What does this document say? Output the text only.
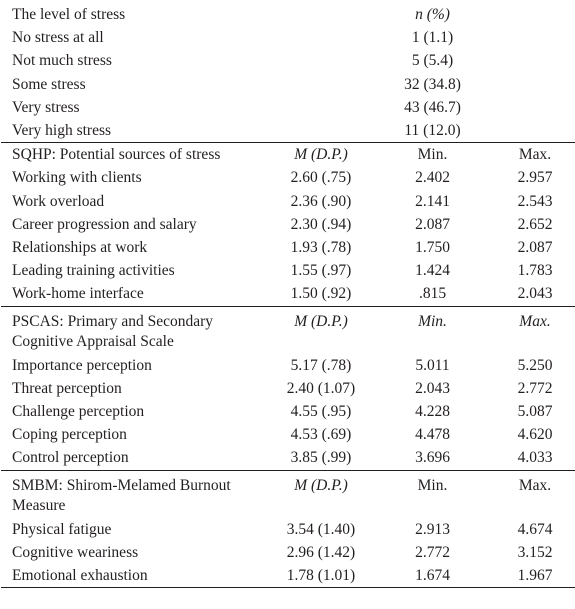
The level of stress		n (%)	
No stress at all		1 (1.1)	
Not much stress		5 (5.4)	
Some stress		32 (34.8)	
Very stress		43 (46.7)	
Very high stress		11 (12.0)	
SQHP: Potential sources of stress	M (D.P.)	Min.	Max.
Working with clients	2.60 (.75)	2.402	2.957
Work overload	2.36 (.90)	2.141	2.543
Career progression and salary	2.30 (.94)	2.087	2.652
Relationships at work	1.93 (.78)	1.750	2.087
Leading training activities	1.55 (.97)	1.424	1.783
Work-home interface	1.50 (.92)	.815	2.043

PSCAS: Primary and Secondary
Cognitive Appraisal Scale	M (D.P.)	Min.	Max.
Importance perception	5.17 (.78)	5.011	5.250
Threat perception	2.40 (1.07)	2.043	2.772
Challenge perception	4.55 (.95)	4.228	5.087
Coping perception	4.53 (.69)	4.478	4.620
Control perception	3.85 (.99)	3.696	4.033

SMBM: Shirom-Melamed Burnout
Measure	M (D.P.)	Min.	Max.
Physical fatigue	3.54 (1.40)	2.913	4.674
Cognitive weariness	2.96 (1.42)	2.772	3.152
Emotional exhaustion	1.78 (1.01)	1.674	1.967
